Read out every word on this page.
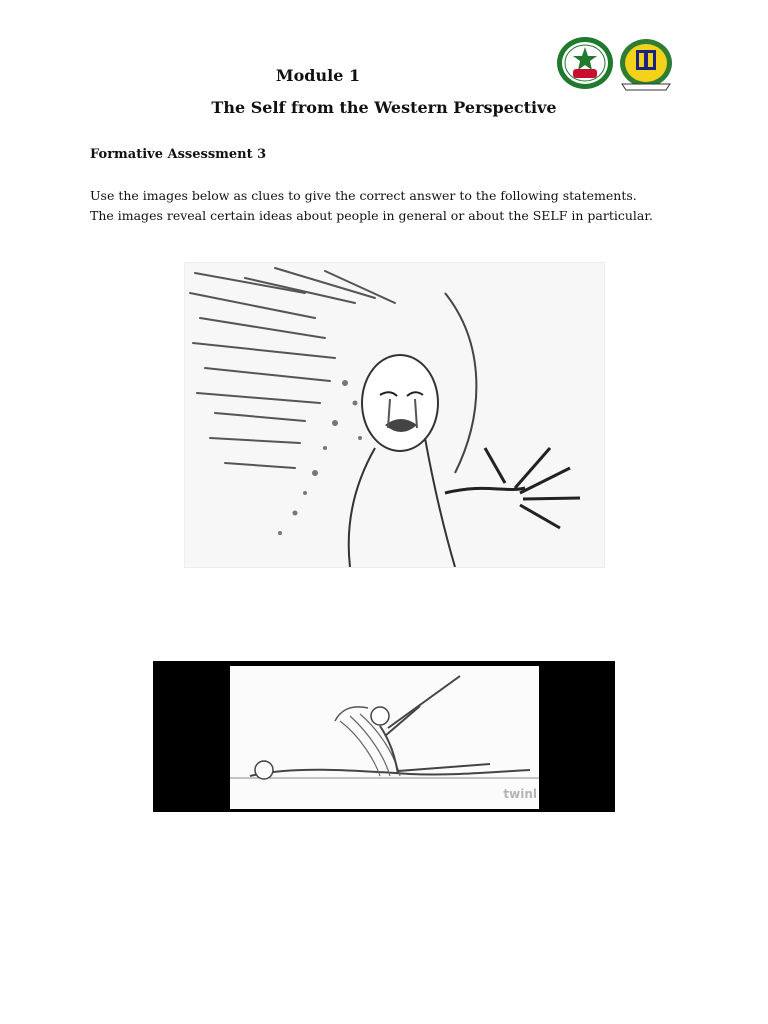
Module 1
The Self from the Western Perspective
Formative Assessment 3

Use the images below as clues to give the correct answer to the following statements.

The images reveal certain ideas about people in general or about the SELF in particular.

twinl
